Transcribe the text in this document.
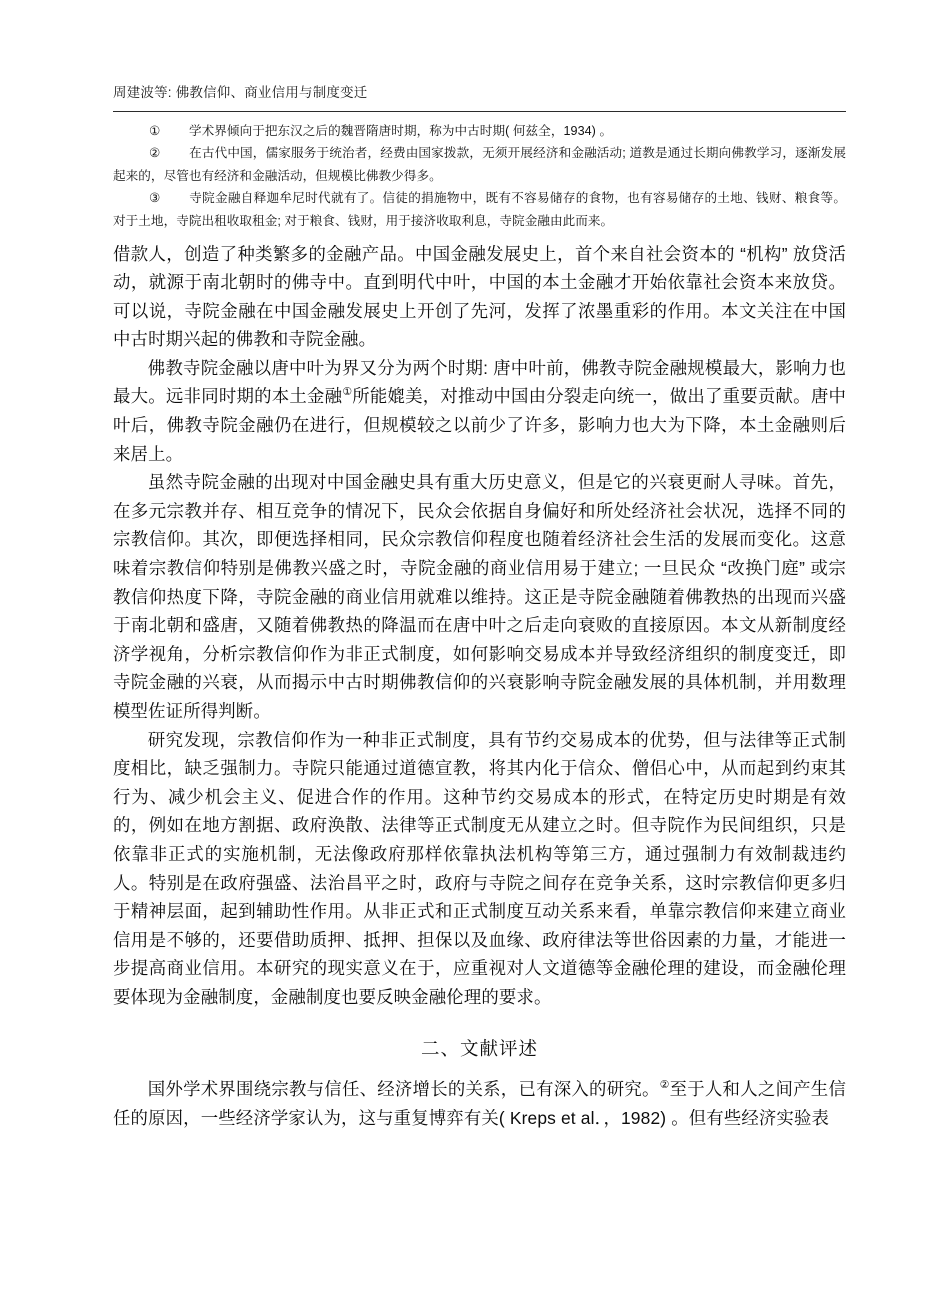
周建波等: 佛教信仰、商业信用与制度变迁

① 学术界倾向于把东汉之后的魏晋隋唐时期，称为中古时期( 何兹全，1934) 。

② 在古代中国，儒家服务于统治者，经费由国家拨款，无须开展经济和金融活动; 道教是通过长期向佛教学习，逐渐发展起来的，尽管也有经济和金融活动，但规模比佛教少得多。

③ 寺院金融自释迦牟尼时代就有了。信徒的捐施物中，既有不容易储存的食物，也有容易储存的土地、钱财、粮食等。对于土地，寺院出租收取租金; 对于粮食、钱财，用于接济收取利息，寺院金融由此而来。

借款人，创造了种类繁多的金融产品。中国金融发展史上，首个来自社会资本的 “机构” 放贷活动，就源于南北朝时的佛寺中。直到明代中叶，中国的本土金融才开始依靠社会资本来放贷。可以说，寺院金融在中国金融发展史上开创了先河，发挥了浓墨重彩的作用。本文关注在中国中古时期兴起的佛教和寺院金融。

佛教寺院金融以唐中叶为界又分为两个时期: 唐中叶前，佛教寺院金融规模最大，影响力也最大。远非同时期的本土金融①所能媲美，对推动中国由分裂走向统一，做出了重要贡献。唐中叶后，佛教寺院金融仍在进行，但规模较之以前少了许多，影响力也大为下降，本土金融则后来居上。

虽然寺院金融的出现对中国金融史具有重大历史意义，但是它的兴衰更耐人寻味。首先，在多元宗教并存、相互竞争的情况下，民众会依据自身偏好和所处经济社会状况，选择不同的宗教信仰。其次，即便选择相同，民众宗教信仰程度也随着经济社会生活的发展而变化。这意味着宗教信仰特别是佛教兴盛之时，寺院金融的商业信用易于建立; 一旦民众 “改换门庭” 或宗教信仰热度下降，寺院金融的商业信用就难以维持。这正是寺院金融随着佛教热的出现而兴盛于南北朝和盛唐，又随着佛教热的降温而在唐中叶之后走向衰败的直接原因。本文从新制度经济学视角，分析宗教信仰作为非正式制度，如何影响交易成本并导致经济组织的制度变迁，即寺院金融的兴衰，从而揭示中古时期佛教信仰的兴衰影响寺院金融发展的具体机制，并用数理模型佐证所得判断。

研究发现，宗教信仰作为一种非正式制度，具有节约交易成本的优势，但与法律等正式制度相比，缺乏强制力。寺院只能通过道德宣教，将其内化于信众、僧侣心中，从而起到约束其行为、减少机会主义、促进合作的作用。这种节约交易成本的形式，在特定历史时期是有效的，例如在地方割据、政府涣散、法律等正式制度无从建立之时。但寺院作为民间组织，只是依靠非正式的实施机制，无法像政府那样依靠执法机构等第三方，通过强制力有效制裁违约人。特别是在政府强盛、法治昌平之时，政府与寺院之间存在竞争关系，这时宗教信仰更多归于精神层面，起到辅助性作用。从非正式和正式制度互动关系来看，单靠宗教信仰来建立商业信用是不够的，还要借助质押、抵押、担保以及血缘、政府律法等世俗因素的力量，才能进一步提高商业信用。本研究的现实意义在于，应重视对人文道德等金融伦理的建设，而金融伦理要体现为金融制度，金融制度也要反映金融伦理的要求。

二、文献评述

国外学术界围绕宗教与信任、经济增长的关系，已有深入的研究。②至于人和人之间产生信任的原因，一些经济学家认为，这与重复博弈有关( Kreps et al．，1982) 。但有些经济实验表
